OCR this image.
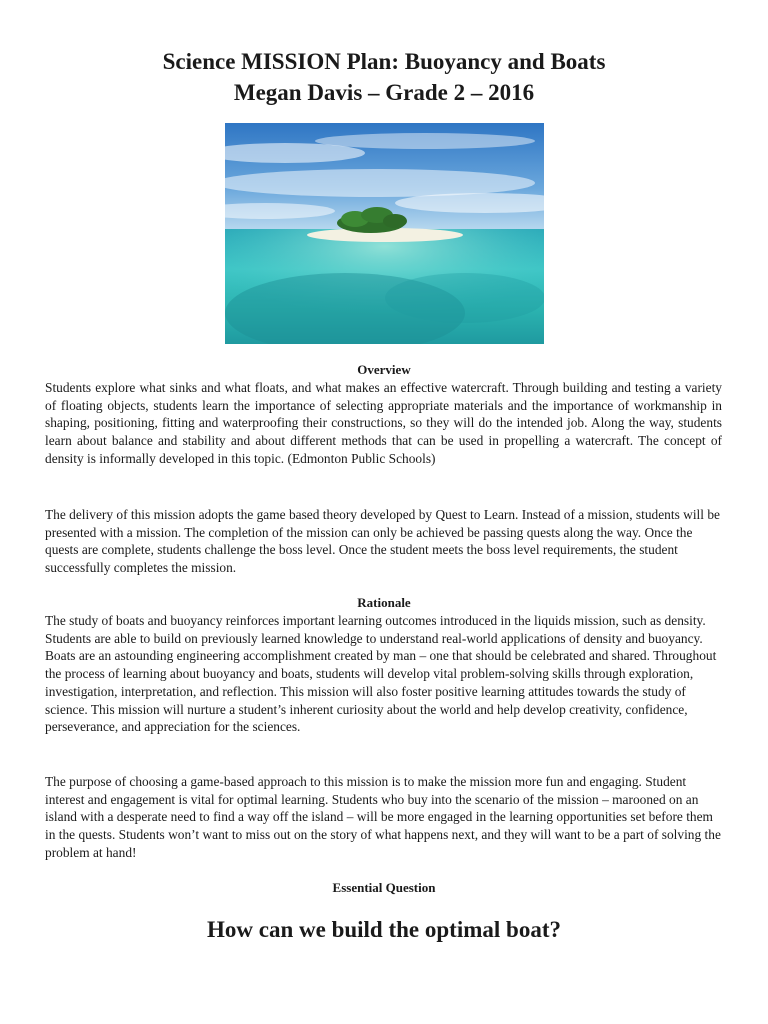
Science MISSION Plan: Buoyancy and Boats
Megan Davis – Grade 2 – 2016
Overview

Students explore what sinks and what floats, and what makes an effective watercraft. Through building and testing a variety of floating objects, students learn the importance of selecting appropriate materials and the importance of workmanship in shaping, positioning, fitting and waterproofing their constructions, so they will do the intended job. Along the way, students learn about balance and stability and about different methods that can be used in propelling a watercraft. The concept of density is informally developed in this topic. (Edmonton Public Schools)

The delivery of this mission adopts the game based theory developed by Quest to Learn. Instead of a mission, students will be presented with a mission. The completion of the mission can only be achieved be passing quests along the way. Once the quests are complete, students challenge the boss level. Once the student meets the boss level requirements, the student successfully completes the mission.

Rationale

The study of boats and buoyancy reinforces important learning outcomes introduced in the liquids mission, such as density. Students are able to build on previously learned knowledge to understand real-world applications of density and buoyancy. Boats are an astounding engineering accomplishment created by man – one that should be celebrated and shared. Throughout the process of learning about buoyancy and boats, students will develop vital problem-solving skills through exploration, investigation, interpretation, and reflection. This mission will also foster positive learning attitudes towards the study of science. This mission will nurture a student’s inherent curiosity about the world and help develop creativity, confidence, perseverance, and appreciation for the sciences.

The purpose of choosing a game-based approach to this mission is to make the mission more fun and engaging. Student interest and engagement is vital for optimal learning. Students who buy into the scenario of the mission – marooned on an island with a desperate need to find a way off the island – will be more engaged in the learning opportunities set before them in the quests. Students won’t want to miss out on the story of what happens next, and they will want to be a part of solving the problem at hand!

Essential Question

How can we build the optimal boat?
